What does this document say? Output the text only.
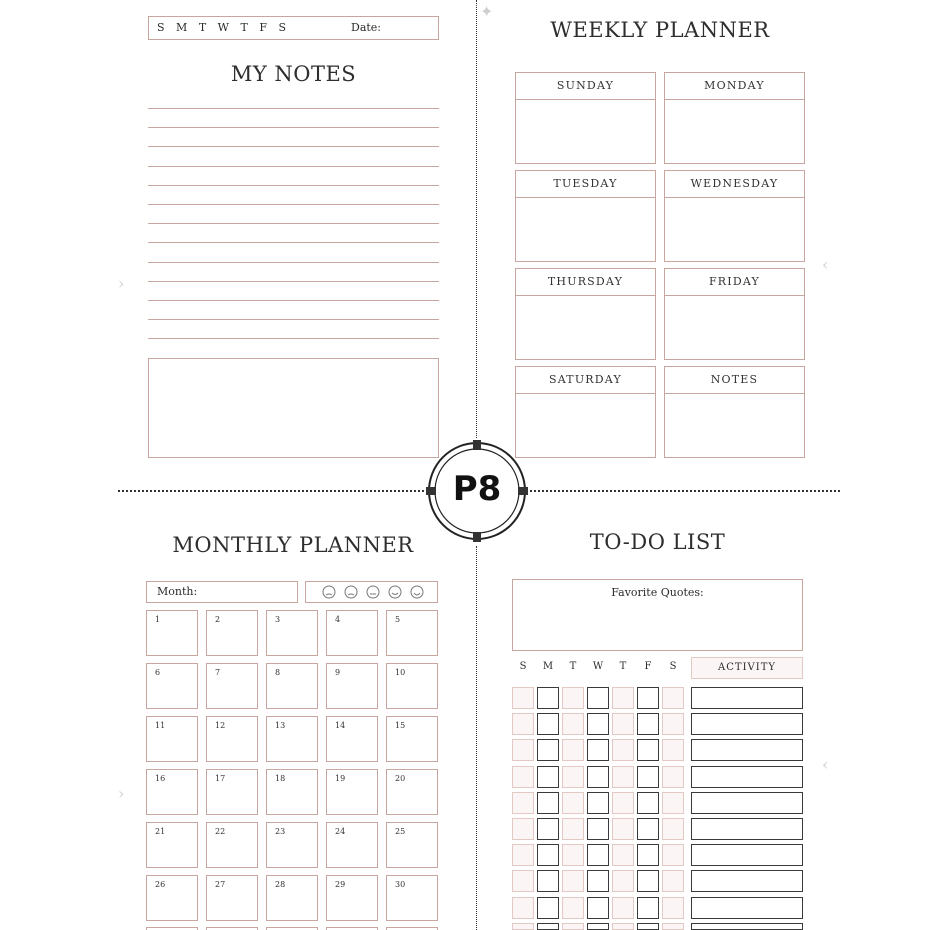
S M T W T F S	Date:
MY NOTES
WEEKLY PLANNER
SUNDAY	MONDAY
TUESDAY	WEDNESDAY
THURSDAY	FRIDAY
SATURDAY	NOTES
P8
MONTHLY PLANNER
Month:
1	2	3	4	5
6	7	8	9	10
11	12	13	14	15
16	17	18	19	20
21	22	23	24	25
26	27	28	29	30
TO-DO LIST
Favorite Quotes:
S	M	T	W	T	F	S	ACTIVITY
✦
›
‹
›
‹
